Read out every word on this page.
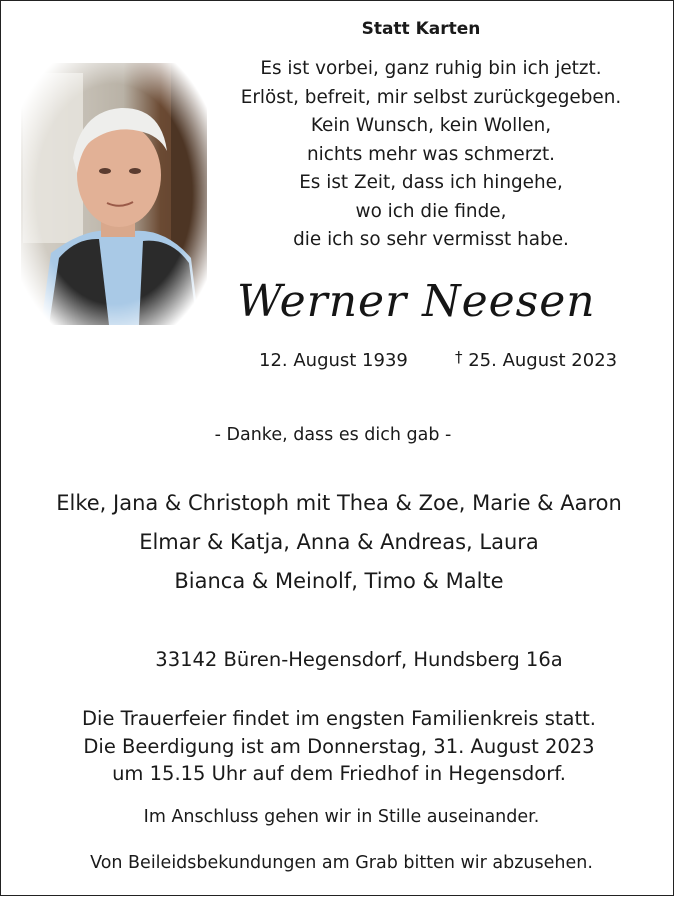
Statt Karten
Es ist vorbei, ganz ruhig bin ich jetzt.
Erlöst, befreit, mir selbst zurückgegeben.
Kein Wunsch, kein Wollen,
nichts mehr was schmerzt.
Es ist Zeit, dass ich hingehe,
wo ich die finde,
die ich so sehr vermisst habe.
Werner Neesen
12. August 1939	† 25. August 2023
- Danke, dass es dich gab -
Elke, Jana & Christoph mit Thea & Zoe, Marie & Aaron
Elmar & Katja, Anna & Andreas, Laura
Bianca & Meinolf, Timo & Malte
33142 Büren-Hegensdorf, Hundsberg 16a
Die Trauerfeier findet im engsten Familienkreis statt.
Die Beerdigung ist am Donnerstag, 31. August 2023
um 15.15 Uhr auf dem Friedhof in Hegensdorf.
Im Anschluss gehen wir in Stille auseinander.
Von Beileidsbekundungen am Grab bitten wir abzusehen.
